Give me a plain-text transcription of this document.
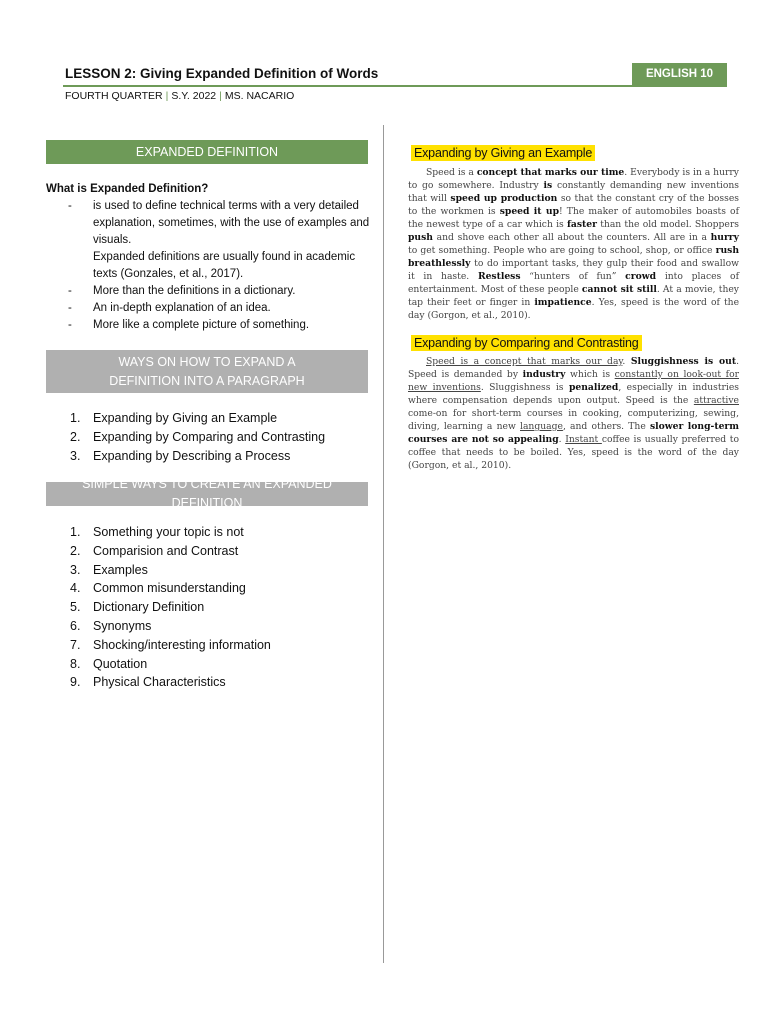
LESSON 2: Giving Expanded Definition of Words	ENGLISH 10
FOURTH QUARTER | S.Y. 2022 | MS. NACARIO
EXPANDED DEFINITION
What is Expanded Definition?
- is used to define technical terms with a very detailed explanation, sometimes, with the use of examples and visuals.
Expanded definitions are usually found in academic texts (Gonzales, et al., 2017).
- More than the definitions in a dictionary.
- An in-depth explanation of an idea.
- More like a complete picture of something.
WAYS ON HOW TO EXPAND A
DEFINITION INTO A PARAGRAPH
1. Expanding by Giving an Example
2. Expanding by Comparing and Contrasting
3. Expanding by Describing a Process
SIMPLE WAYS TO CREATE AN EXPANDED DEFINITION
1. Something your topic is not
2. Comparision and Contrast
3. Examples
4. Common misunderstanding
5. Dictionary Definition
6. Synonyms
7. Shocking/interesting information
8. Quotation
9. Physical Characteristics
Expanding by Giving an Example
Speed is a concept that marks our time. Everybody is in a hurry to go somewhere. Industry is constantly demanding new inventions that will speed up production so that the constant cry of the bosses to the workmen is speed it up! The maker of automobiles boasts of the newest type of a car which is faster than the old model. Shoppers push and shove each other all about the counters. All are in a hurry to get something. People who are going to school, shop, or office rush breathlessly to do important tasks, they gulp their food and swallow it in haste. Restless “hunters of fun” crowd into places of entertainment. Most of these people cannot sit still. At a movie, they tap their feet or finger in impatience. Yes, speed is the word of the day (Gorgon, et al., 2010).
Expanding by Comparing and Contrasting
Speed is a concept that marks our day. Sluggishness is out. Speed is demanded by industry which is constantly on look-out for new inventions. Sluggishness is penalized, especially in industries where compensation depends upon output. Speed is the attractive come-on for short-term courses in cooking, computerizing, sewing, diving, learning a new language, and others. The slower long-term courses are not so appealing. Instant coffee is usually preferred to coffee that needs to be boiled. Yes, speed is the word of the day (Gorgon, et al., 2010).
